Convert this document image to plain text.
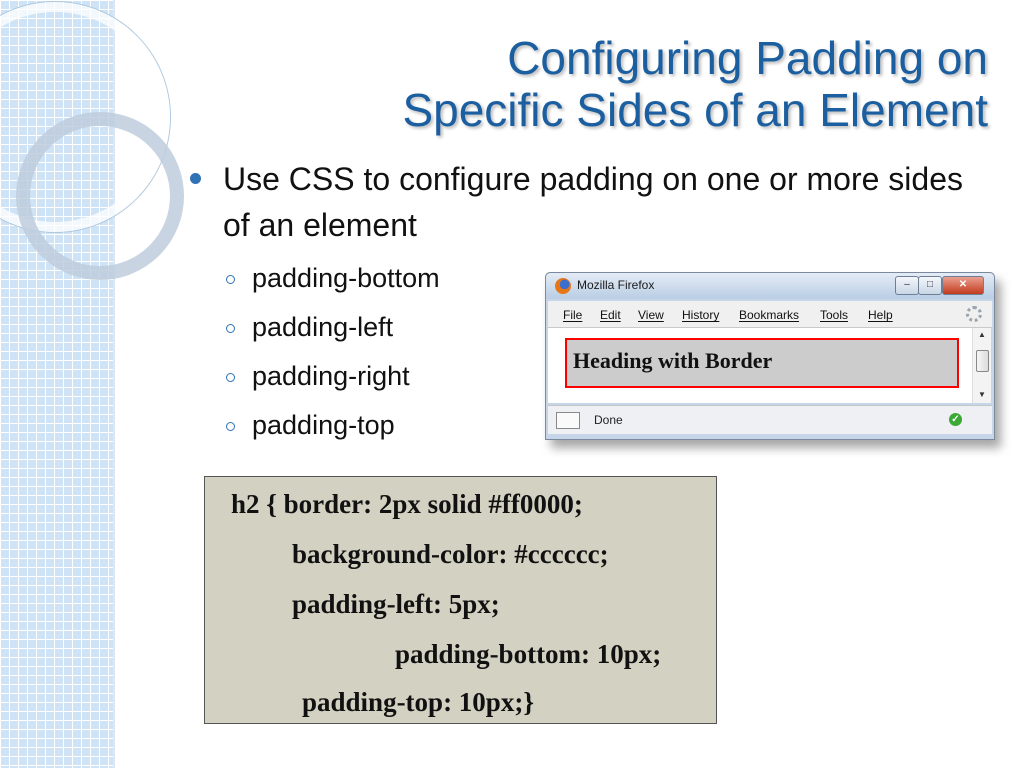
Configuring Padding on
Specific Sides of an Element
Use CSS to configure padding on one or more sides of an element
padding-bottom
padding-left
padding-right
padding-top
Mozilla Firefox	–	□	✕
File Edit View History Bookmarks Tools Help
Heading with Border
▲
▼
Done	✓
h2 { border: 2px solid #ff0000;
background-color: #cccccc;
padding-left: 5px;
padding-bottom: 10px;
padding-top: 10px;}
